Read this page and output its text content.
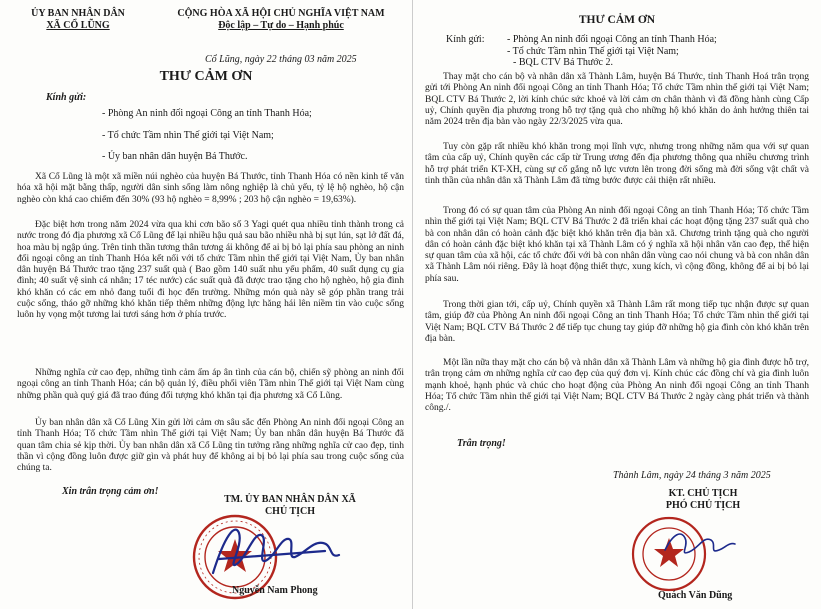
ỦY BAN NHÂN DÂN
XÃ CỔ LŨNG
CỘNG HÒA XÃ HỘI CHỦ NGHĨA VIỆT NAM
Độc lập – Tự do – Hạnh phúc
Cổ Lũng, ngày 22 tháng 03 năm 2025
THƯ CẢM ƠN
Kính gửi:
- Phòng An ninh đối ngoại Công an tỉnh Thanh Hóa;
- Tổ chức Tầm nhìn Thế giới tại Việt Nam;
- Ủy ban nhân dân huyện Bá Thước.

Xã Cổ Lũng là một xã miền núi nghèo của huyện Bá Thước, tỉnh Thanh Hóa có nền kinh tế văn hóa xã hội mặt bằng thấp, người dân sinh sống làm nông nghiệp là chủ yếu, tỷ lệ hộ nghèo, hộ cận nghèo còn khá cao chiếm đến 30% (93 hộ nghèo = 8,99% ; 203 hộ cận nghèo = 19,63%).

Đặc biệt hơn trong năm 2024 vừa qua khi cơn bão số 3 Yagi quét qua nhiều tỉnh thành trong cả nước trong đó địa phương xã Cổ Lũng để lại nhiều hậu quả sau bão nhiều nhà bị sụt lún, sạt lở đất đá, hoa màu bị ngập úng. Trên tinh thần tương thân tương ái không để ai bị bỏ lại phía sau phòng an ninh đối ngoại công an tỉnh Thanh Hóa kết nối với tổ chức Tầm nhìn thế giới tại Việt Nam, Ủy ban nhân dân huyện Bá Thước trao tặng 237 suất quà ( Bao gồm 140 suất nhu yếu phẩm, 40 suất dụng cụ gia đình; 40 suất vệ sinh cá nhân; 17 téc nước) các suất quà đã được trao tặng cho hộ nghèo, hộ gia đình khó khăn có các em nhỏ đang tuổi đi học đến trường. Những món quà này sẽ góp phần trang trải cuộc sống, tháo gỡ những khó khăn tiếp thêm những động lực hăng hái lên niềm tin vào cuộc sống luôn hy vọng một tương lai tươi sáng hơn ở phía trước.

Những nghĩa cử cao đẹp, những tình cảm ấm áp ân tình của cán bộ, chiến sỹ phòng an ninh đối ngoại công an tỉnh Thanh Hóa; cán bộ quản lý, điều phối viên Tầm nhìn Thế giới tại Việt Nam cùng những phần quà quý giá đã trao đúng đối tượng khó khăn tại địa phương xã Cổ Lũng.

Ủy ban nhân dân xã Cổ Lũng Xin gửi lời cảm ơn sâu sắc đến Phòng An ninh đối ngoại Công an tỉnh Thanh Hóa; Tổ chức Tầm nhìn Thế giới tại Việt Nam; Ủy ban nhân dân huyện Bá Thước đã quan tâm chia sẻ kịp thời. Ủy ban nhân dân xã Cổ Lũng tin tưởng rằng những nghĩa cử cao đẹp, tinh thần vì cộng đồng luôn được giữ gìn và phát huy để không ai bị bỏ lại phía sau trong cuộc sống của chúng ta.

Xin trân trọng cảm ơn!
TM. ỦY BAN NHÂN DÂN XÃ
CHỦ TỊCH
Nguyễn Nam Phong
THƯ CẢM ƠN
Kính gửi: - Phòng An ninh đối ngoại Công an tỉnh Thanh Hóa;
- Tổ chức Tầm nhìn Thế giới tại Việt Nam;
- BQL CTV Bá Thước 2.

Thay mặt cho cán bộ và nhân dân xã Thành Lâm, huyện Bá Thước, tỉnh Thanh Hoá trân trọng gửi tới Phòng An ninh đối ngoại Công an tỉnh Thanh Hóa; Tổ chức Tầm nhìn thế giới tại Việt Nam; BQL CTV Bá Thước 2, lời kính chúc sức khoẻ và lời cảm ơn chân thành vì đã đồng hành cùng Cấp uỷ, Chính quyền địa phương trong hỗ trợ tặng quà cho những hộ khó khăn do ảnh hưởng thiên tai năm 2024 trên địa bàn vào ngày 22/3/2025 vừa qua.

Tuy còn gặp rất nhiều khó khăn trong mọi lĩnh vực, nhưng trong những năm qua với sự quan tâm của cấp uỷ, Chính quyền các cấp từ Trung ương đến địa phương thông qua nhiều chương trình hỗ trợ phát triển KT-XH, cùng sự cố gắng nỗ lực vươn lên trong đời sống mà đời sống vật chất và tinh thần của nhân dân xã Thành Lâm đã từng bước được cải thiện rất nhiều.

Trong đó có sự quan tâm của Phòng An ninh đối ngoại Công an tỉnh Thanh Hóa; Tổ chức Tầm nhìn thế giới tại Việt Nam; BQL CTV Bá Thước 2 đã triển khai các hoạt động tặng 237 suất quà cho bà con nhân dân có hoàn cảnh đặc biệt khó khăn trên địa bàn xã. Chương trình tặng quà cho người dân có hoàn cảnh đặc biệt khó khăn tại xã Thành Lâm có ý nghĩa xã hội nhân văn cao đẹp, thể hiện sự quan tâm của xã hội, các tổ chức đối với bà con nhân dân vùng cao nói chung và bà con nhân dân xã Thành Lâm nói riêng. Đây là hoạt động thiết thực, xung kích, vì cộng đồng, không để ai bị bỏ lại phía sau.

Trong thời gian tới, cấp uỷ, Chính quyền xã Thành Lâm rất mong tiếp tục nhận được sự quan tâm, giúp đỡ của Phòng An ninh đối ngoại Công an tỉnh Thanh Hóa; Tổ chức Tầm nhìn thế giới tại Việt Nam; BQL CTV Bá Thước 2 để tiếp tục chung tay giúp đỡ những hộ gia đình còn khó khăn trên địa bàn.

Một lần nữa thay mặt cho cán bộ và nhân dân xã Thành Lâm và những hộ gia đình được hỗ trợ, trân trọng cảm ơn những nghĩa cử cao đẹp của quý đơn vị. Kính chúc các đồng chí và gia đình luôn mạnh khoẻ, hạnh phúc và chúc cho hoạt động của Phòng An ninh đối ngoại Công an tỉnh Thanh Hóa; Tổ chức Tầm nhìn thế giới tại Việt Nam; BQL CTV Bá Thước 2 ngày càng phát triển và thành công./.

Trân trọng!
Thành Lâm, ngày 24 tháng 3 năm 2025
KT. CHỦ TỊCH
PHÓ CHỦ TỊCH
Quách Văn Dũng
